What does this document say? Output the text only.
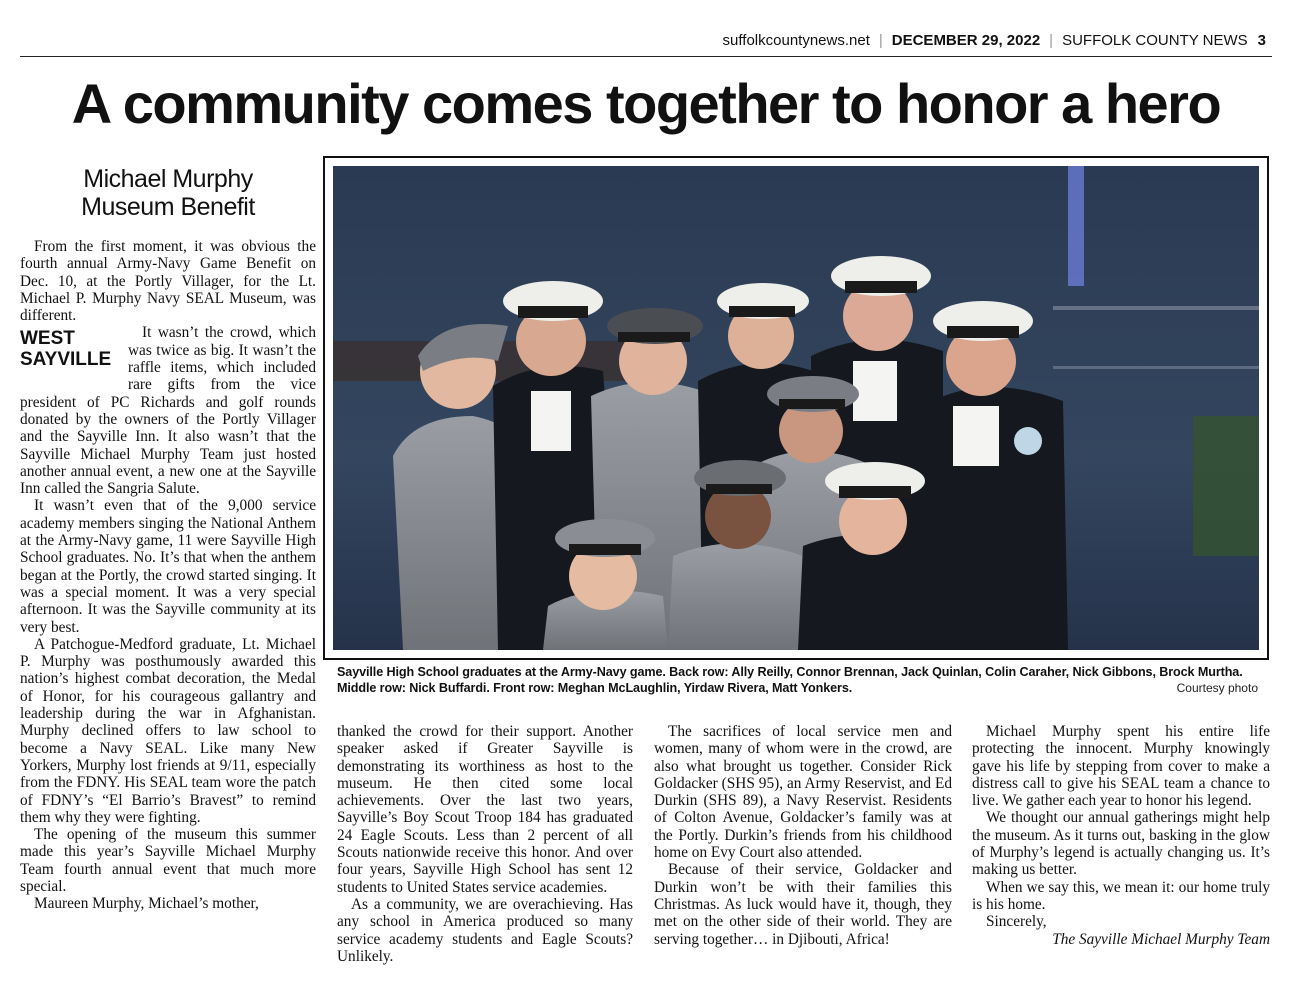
suffolkcountynews.net | DECEMBER 29, 2022 | SUFFOLK COUNTY NEWS 3
A community comes together to honor a hero
Michael Murphy
Museum Benefit

From the first moment, it was obvious the fourth annual Army-Navy Game Benefit on Dec. 10, at the Portly Villager, for the Lt. Michael P. Murphy Navy SEAL Museum, was different.

WEST
SAYVILLE

It wasn’t the crowd, which was twice as big. It wasn’t the raffle items, which included rare gifts from the vice president of PC Richards and golf rounds donated by the owners of the Portly Villager and the Sayville Inn. It also wasn’t that the Sayville Michael Murphy Team just hosted another annual event, a new one at the Sayville Inn called the Sangria Salute.

It wasn’t even that of the 9,000 service academy members singing the National Anthem at the Army-Navy game, 11 were Sayville High School graduates. No. It’s that when the anthem began at the Portly, the crowd started singing. It was a special moment. It was a very special afternoon. It was the Sayville community at its very best.

A Patchogue-Medford graduate, Lt. Michael P. Murphy was posthumously awarded this nation’s highest combat decoration, the Medal of Honor, for his courageous gallantry and leadership during the war in Afghanistan. Murphy declined offers to law school to become a Navy SEAL. Like many New Yorkers, Murphy lost friends at 9/11, especially from the FDNY. His SEAL team wore the patch of FDNY’s “El Barrio’s Bravest” to remind them why they were fighting.

The opening of the museum this summer made this year’s Sayville Michael Murphy Team fourth annual event that much more special.

Maureen Murphy, Michael’s mother,

Sayville High School graduates at the Army-Navy game. Back row: Ally Reilly, Connor Brennan, Jack Quinlan, Colin Caraher, Nick Gibbons, Brock Murtha. Middle row: Nick Buffardi. Front row: Meghan McLaughlin, Yirdaw Rivera, Matt Yonkers.	Courtesy photo

thanked the crowd for their support. Another speaker asked if Greater Sayville is demonstrating its worthiness as host to the museum. He then cited some local achievements. Over the last two years, Sayville’s Boy Scout Troop 184 has graduated 24 Eagle Scouts. Less than 2 percent of all Scouts nationwide receive this honor. And over four years, Sayville High School has sent 12 students to United States service academies.

As a community, we are overachieving. Has any school in America produced so many service academy students and Eagle Scouts? Unlikely.

The sacrifices of local service men and women, many of whom were in the crowd, are also what brought us together. Consider Rick Goldacker (SHS 95), an Army Reservist, and Ed Durkin (SHS 89), a Navy Reservist. Residents of Colton Avenue, Goldacker’s family was at the Portly. Durkin’s friends from his childhood home on Evy Court also attended.

Because of their service, Goldacker and Durkin won’t be with their families this Christmas. As luck would have it, though, they met on the other side of their world. They are serving together… in Djibouti, Africa!

Michael Murphy spent his entire life protecting the innocent. Murphy knowingly gave his life by stepping from cover to make a distress call to give his SEAL team a chance to live. We gather each year to honor his legend.

We thought our annual gatherings might help the museum. As it turns out, basking in the glow of Murphy’s legend is actually changing us. It’s making us better.

When we say this, we mean it: our home truly is his home.

Sincerely,

The Sayville Michael Murphy Team
